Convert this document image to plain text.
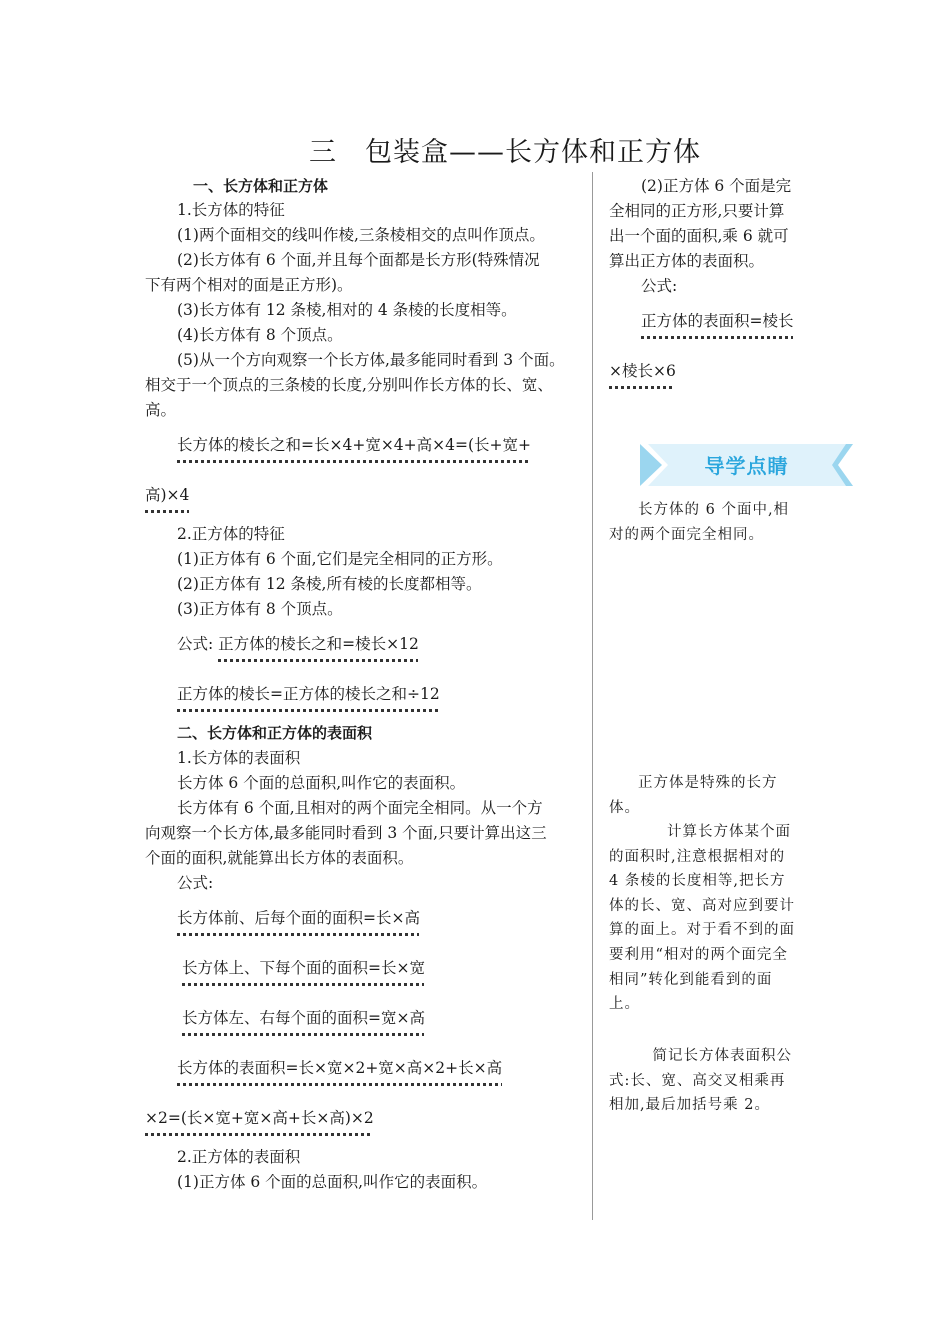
三　包装盒——长方体和正方体
一、长方体和正方体
1.长方体的特征
(1)两个面相交的线叫作棱,三条棱相交的点叫作顶点。
(2)长方体有 6 个面,并且每个面都是长方形(特殊情况
下有两个相对的面是正方形)。
(3)长方体有 12 条棱,相对的 4 条棱的长度相等。
(4)长方体有 8 个顶点。
(5)从一个方向观察一个长方体,最多能同时看到 3 个面。
相交于一个顶点的三条棱的长度,分别叫作长方体的长、宽、
高。
长方体的棱长之和=长×4+宽×4+高×4=(长+宽+
高)×4
2.正方体的特征
(1)正方体有 6 个面,它们是完全相同的正方形。
(2)正方体有 12 条棱,所有棱的长度都相等。
(3)正方体有 8 个顶点。
公式: 正方体的棱长之和=棱长×12
正方体的棱长=正方体的棱长之和÷12
二、长方体和正方体的表面积
1.长方体的表面积
长方体 6 个面的总面积,叫作它的表面积。
长方体有 6 个面,且相对的两个面完全相同。从一个方
向观察一个长方体,最多能同时看到 3 个面,只要计算出这三
个面的面积,就能算出长方体的表面积。
公式:
长方体前、后每个面的面积=长×高
长方体上、下每个面的面积=长×宽
长方体左、右每个面的面积=宽×高
长方体的表面积=长×宽×2+宽×高×2+长×高
×2=(长×宽+宽×高+长×高)×2
2.正方体的表面积
(1)正方体 6 个面的总面积,叫作它的表面积。
(2)正方体 6 个面是完
全相同的正方形,只要计算
出一个面的面积,乘 6 就可
算出正方体的表面积。
公式:
正方体的表面积=棱长
×棱长×6
导学点睛
长方体的 6 个面中,相对的两个面完全相同。
正方体是特殊的长方体。
计算长方体某个面的面积时,注意根据相对的 4 条棱的长度相等,把长方体的长、宽、高对应到要计算的面上。对于看不到的面要利用“相对的两个面完全相同”转化到能看到的面上。
简记长方体表面积公式:长、宽、高交叉相乘再相加,最后加括号乘 2。
